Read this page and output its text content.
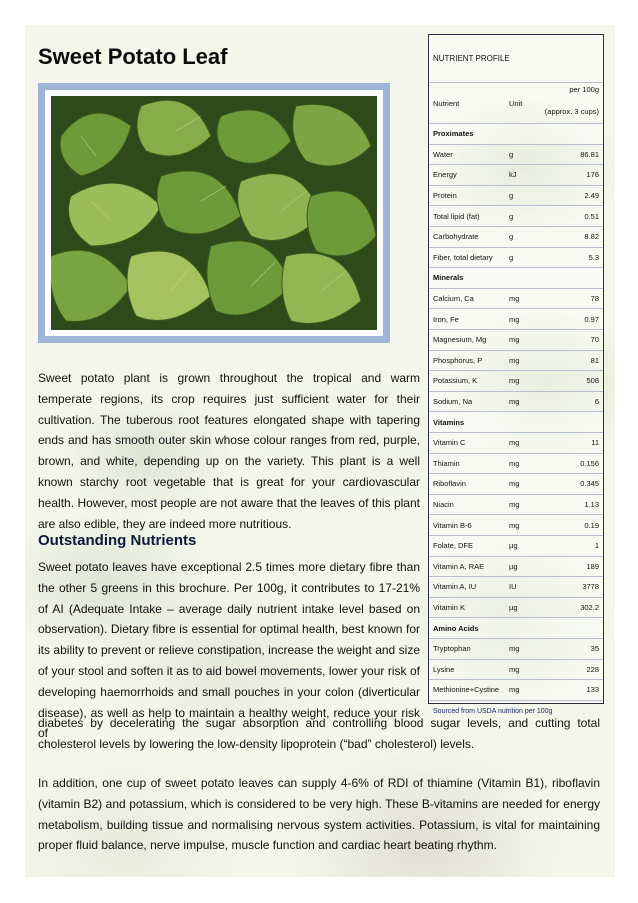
Sweet Potato Leaf
Sweet potato plant is grown throughout the tropical and warm temperate regions, its crop requires just sufficient water for their cultivation. The tuberous root features elongated shape with tapering ends and has smooth outer skin whose colour ranges from red, purple, brown, and white, depending up on the variety. This plant is a well known starchy root vegetable that is great for your cardiovascular health. However, most people are not aware that the leaves of this plant are also edible, they are indeed more nutritious.
Outstanding Nutrients
Sweet potato leaves have exceptional 2.5 times more dietary fibre than the other 5 greens in this brochure. Per 100g, it contributes to 17-21% of AI (Adequate Intake – average daily nutrient intake level based on observation). Dietary fibre is essential for optimal health, best known for its ability to prevent or relieve constipation, increase the weight and size of your stool and soften it as to aid bowel movements, lower your risk of developing haemorrhoids and small pouches in your colon (diverticular disease), as well as help to maintain a healthy weight, reduce your risk of
diabetes by decelerating the sugar absorption and controlling blood sugar levels, and cutting total cholesterol levels by lowering the low-density lipoprotein (“bad” cholesterol) levels.
In addition, one cup of sweet potato leaves can supply 4-6% of RDI of thiamine (Vitamin B1), riboflavin (vitamin B2) and potassium, which is considered to be very high. These B-vitamins are needed for energy metabolism, building tissue and normalising nervous system activities. Potassium, is vital for maintaining proper fluid balance, nerve impulse, muscle function and cardiac heart beating rhythm.
NUTRIENT PROFILE
Nutrient	Unit
per 100g
(approx. 3 cups)
Proximates
Water	g	86.81
Energy	kJ	176
Protein	g	2.49
Total lipid (fat)	g	0.51
Carbohydrate	g	8.82
Fiber, total dietary g	5.3
Minerals
Calcium, Ca	mg	78
Iron, Fe	mg	0.97
Magnesium, Mg	mg	70
Phosphorus, P	mg	81
Potassium, K	mg	508
Sodium, Na	mg	6
Vitamins
Vitamin C	mg	11
Thiamin	mg	0.156
Riboflavin	mg	0.345
Niacin	mg	1.13
Vitamin B-6	mg	0.19
Folate, DFE	µg	1
Vitamin A, RAE	µg	189
Vitamin A, IU	IU	3778
Vitamin K	µg	302.2
Amino Acids
Tryptophan	mg	35
Lysine	mg	228
Methionine+Cystine mg	133
Sourced from USDA nutrition per 100g
